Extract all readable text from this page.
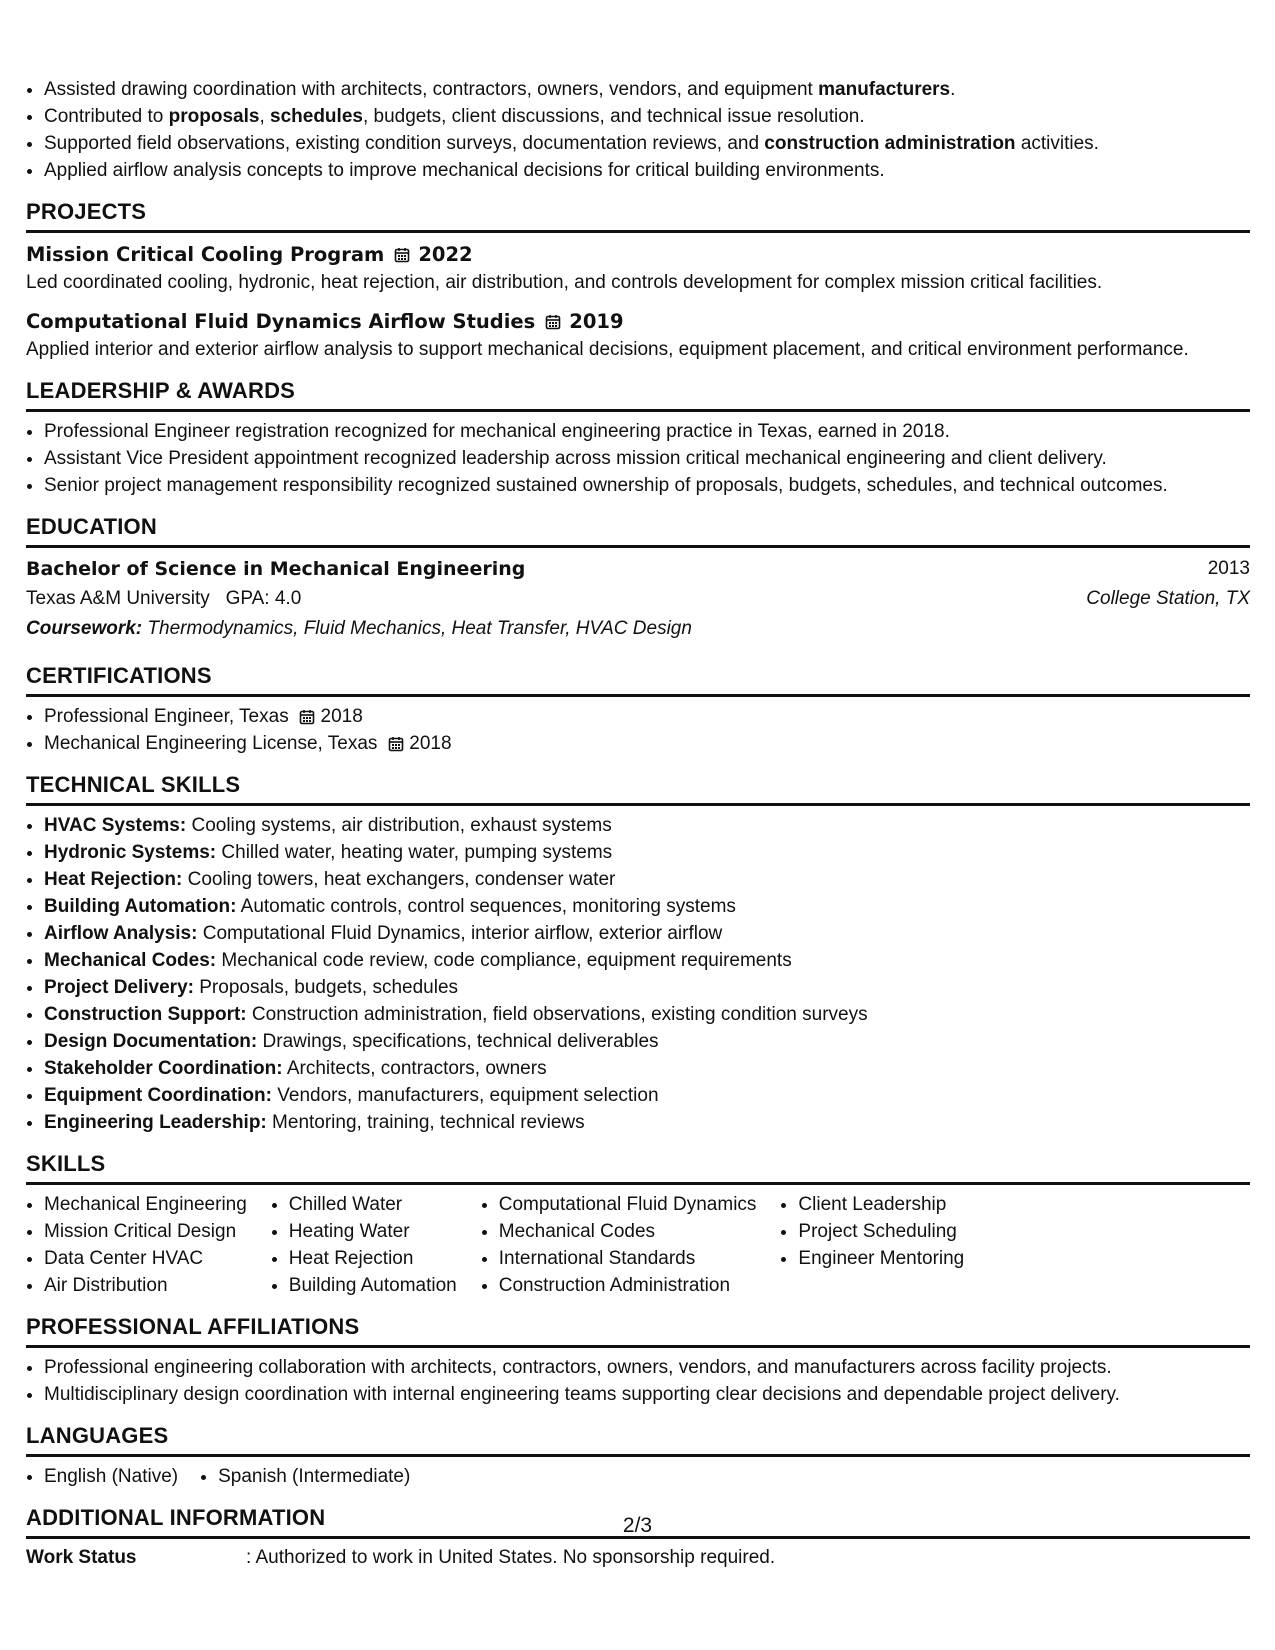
• Assisted drawing coordination with architects, contractors, owners, vendors, and equipment manufacturers.
• Contributed to proposals, schedules, budgets, client discussions, and technical issue resolution.
• Supported field observations, existing condition surveys, documentation reviews, and construction administration activities.
• Applied airflow analysis concepts to improve mechanical decisions for critical building environments.
PROJECTS
Mission Critical Cooling Program 2022
Led coordinated cooling, hydronic, heat rejection, air distribution, and controls development for complex mission critical facilities.
Computational Fluid Dynamics Airflow Studies 2019
Applied interior and exterior airflow analysis to support mechanical decisions, equipment placement, and critical environment performance.
LEADERSHIP & AWARDS
• Professional Engineer registration recognized for mechanical engineering practice in Texas, earned in 2018.
• Assistant Vice President appointment recognized leadership across mission critical mechanical engineering and client delivery.
• Senior project management responsibility recognized sustained ownership of proposals, budgets, schedules, and technical outcomes.
EDUCATION
Bachelor of Science in Mechanical Engineering	2013
Texas A&M University GPA: 4.0	College Station, TX
Coursework: Thermodynamics, Fluid Mechanics, Heat Transfer, HVAC Design
CERTIFICATIONS
• Professional Engineer, Texas 2018
• Mechanical Engineering License, Texas 2018
TECHNICAL SKILLS
• HVAC Systems: Cooling systems, air distribution, exhaust systems
• Hydronic Systems: Chilled water, heating water, pumping systems
• Heat Rejection: Cooling towers, heat exchangers, condenser water
• Building Automation: Automatic controls, control sequences, monitoring systems
• Airflow Analysis: Computational Fluid Dynamics, interior airflow, exterior airflow
• Mechanical Codes: Mechanical code review, code compliance, equipment requirements
• Project Delivery: Proposals, budgets, schedules
• Construction Support: Construction administration, field observations, existing condition surveys
• Design Documentation: Drawings, specifications, technical deliverables
• Stakeholder Coordination: Architects, contractors, owners
• Equipment Coordination: Vendors, manufacturers, equipment selection
• Engineering Leadership: Mentoring, training, technical reviews
SKILLS
• Mechanical Engineering
• Mission Critical Design
• Data Center HVAC
• Air Distribution
• Chilled Water
• Heating Water
• Heat Rejection
• Building Automation
• Computational Fluid Dynamics
• Mechanical Codes
• International Standards
• Construction Administration
• Client Leadership
• Project Scheduling
• Engineer Mentoring
PROFESSIONAL AFFILIATIONS
• Professional engineering collaboration with architects, contractors, owners, vendors, and manufacturers across facility projects.
• Multidisciplinary design coordination with internal engineering teams supporting clear decisions and dependable project delivery.
LANGUAGES
• English (Native)
• Spanish (Intermediate)
ADDITIONAL INFORMATION
Work Status	: Authorized to work in United States. No sponsorship required.
2/3
